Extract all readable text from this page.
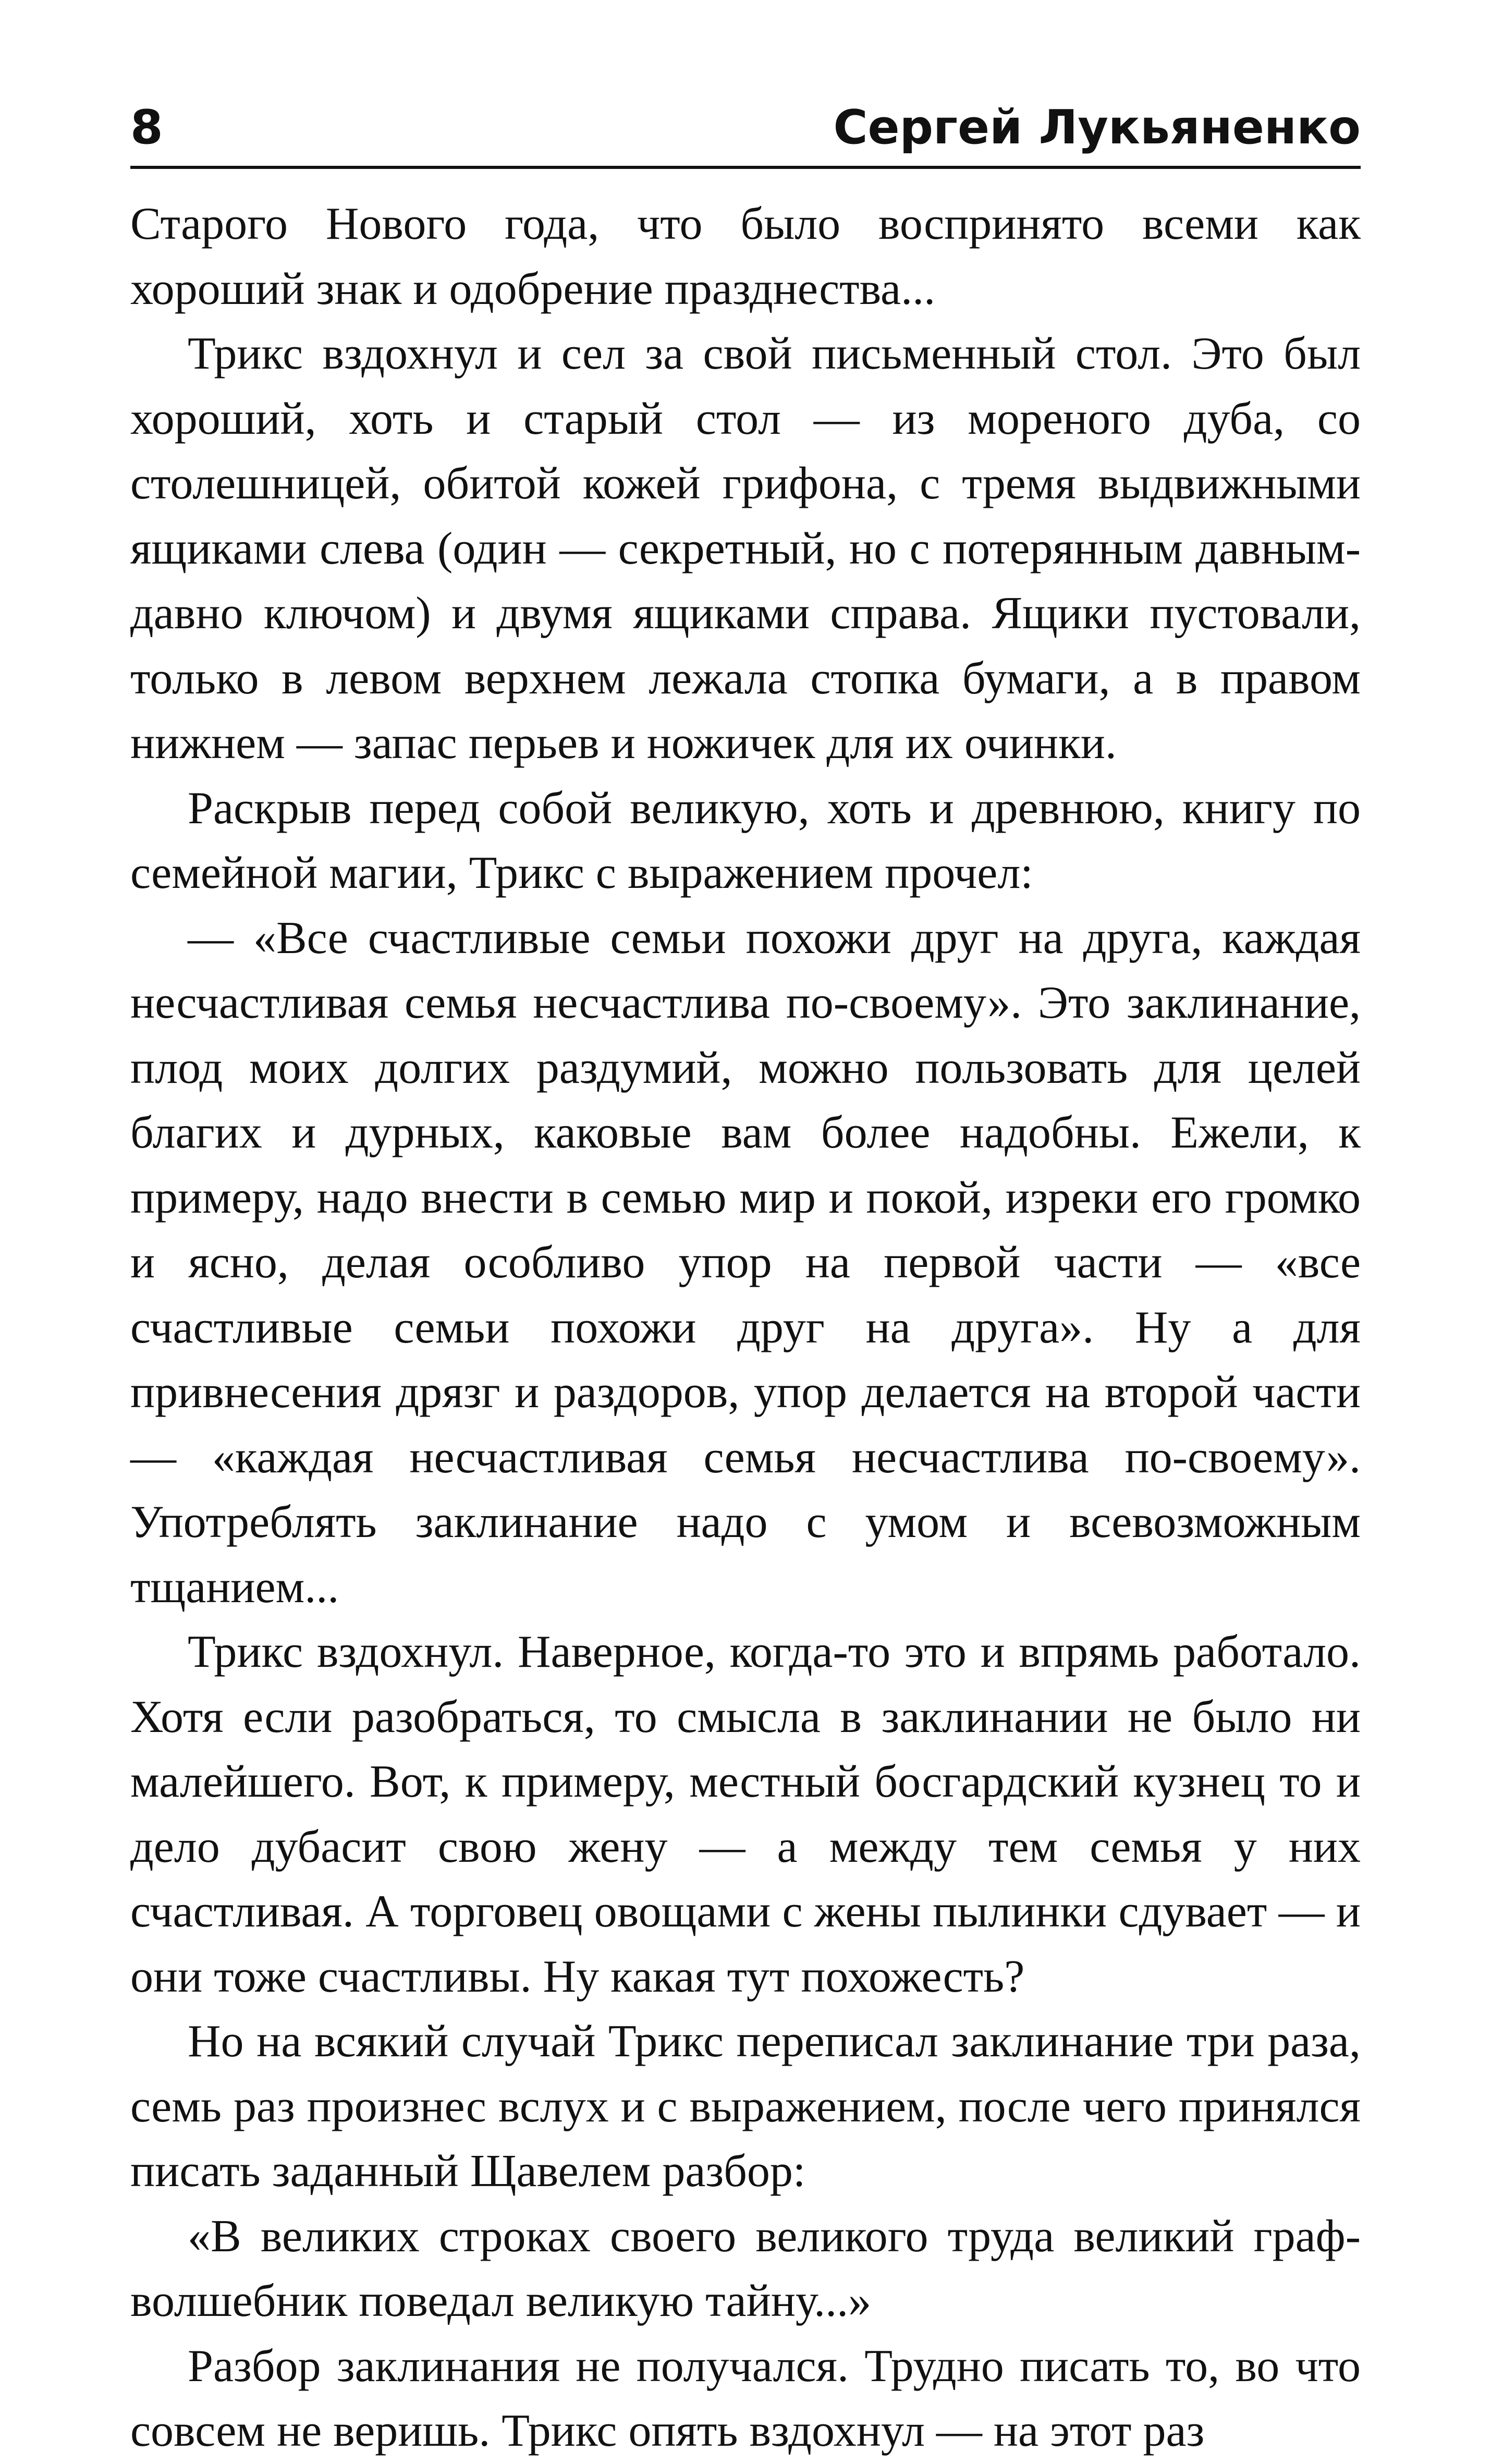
8	Сергей Лукьяненко

Старого Нового года, что было воспринято всеми как хороший знак и одобрение празднества...

Трикс вздохнул и сел за свой письменный стол. Это был хороший, хоть и старый стол — из мореного дуба, со столешницей, обитой кожей грифона, с тремя выдвижными ящиками слева (один — секретный, но с потерянным давным-давно ключом) и двумя ящиками справа. Ящики пустовали, только в левом верхнем лежала стопка бумаги, а в правом нижнем — запас перьев и ножичек для их очинки.

Раскрыв перед собой великую, хоть и древнюю, книгу по семейной магии, Трикс с выражением прочел:

— «Все счастливые семьи похожи друг на друга, каждая несчастливая семья несчастлива по-своему». Это заклинание, плод моих долгих раздумий, можно пользовать для целей благих и дурных, каковые вам более надобны. Ежели, к примеру, надо внести в семью мир и покой, изреки его громко и ясно, делая особливо упор на первой части — «все счастливые семьи похожи друг на друга». Ну а для привнесения дрязг и раздоров, упор делается на второй части — «каждая несчастливая семья несчастлива по-своему». Употреблять заклинание надо с умом и всевозможным тщанием...

Трикс вздохнул. Наверное, когда-то это и впрямь работало. Хотя если разобраться, то смысла в заклинании не было ни малейшего. Вот, к примеру, местный босгардский кузнец то и дело дубасит свою жену — а между тем семья у них счастливая. А торговец овощами с жены пылинки сдувает — и они тоже счастливы. Ну какая тут похожесть?

Но на всякий случай Трикс переписал заклинание три раза, семь раз произнес вслух и с выражением, после чего принялся писать заданный Щавелем разбор:

«В великих строках своего великого труда великий граф-волшебник поведал великую тайну...»

Разбор заклинания не получался. Трудно писать то, во что совсем не веришь. Трикс опять вздохнул — на этот раз
